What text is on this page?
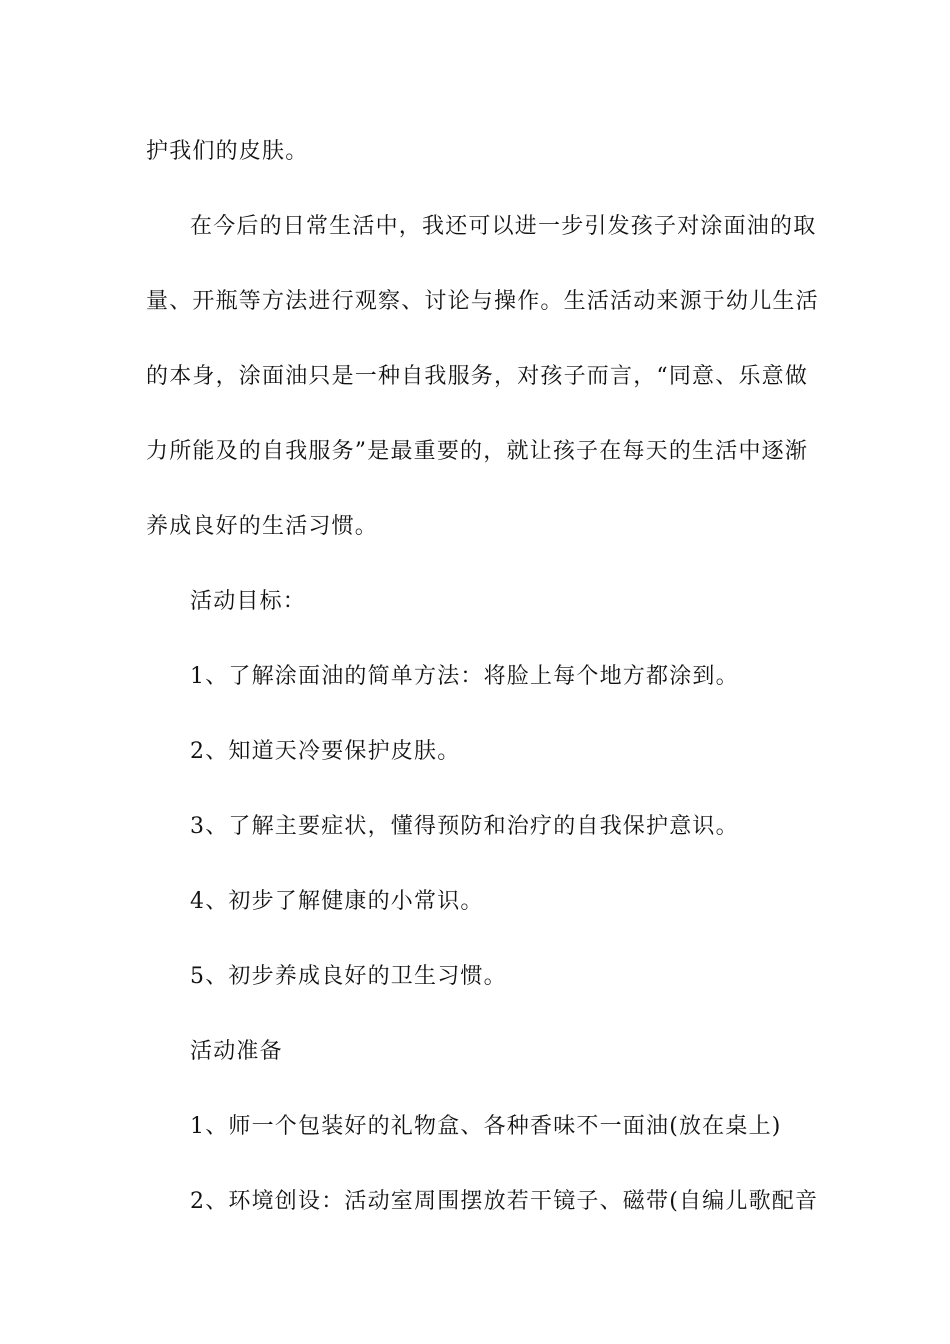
护我们的皮肤。
在今后的日常生活中，我还可以进一步引发孩子对涂面油的取
量、开瓶等方法进行观察、讨论与操作。生活活动来源于幼儿生活
的本身，涂面油只是一种自我服务，对孩子而言，“同意、乐意做
力所能及的自我服务”是最重要的，就让孩子在每天的生活中逐渐
养成良好的生活习惯。
活动目标：
1、了解涂面油的简单方法：将脸上每个地方都涂到。
2、知道天冷要保护皮肤。
3、了解主要症状，懂得预防和治疗的自我保护意识。
4、初步了解健康的小常识。
5、初步养成良好的卫生习惯。
活动准备
1、师一个包装好的礼物盒、各种香味不一面油(放在桌上)
2、环境创设：活动室周围摆放若干镜子、磁带(自编儿歌配音
